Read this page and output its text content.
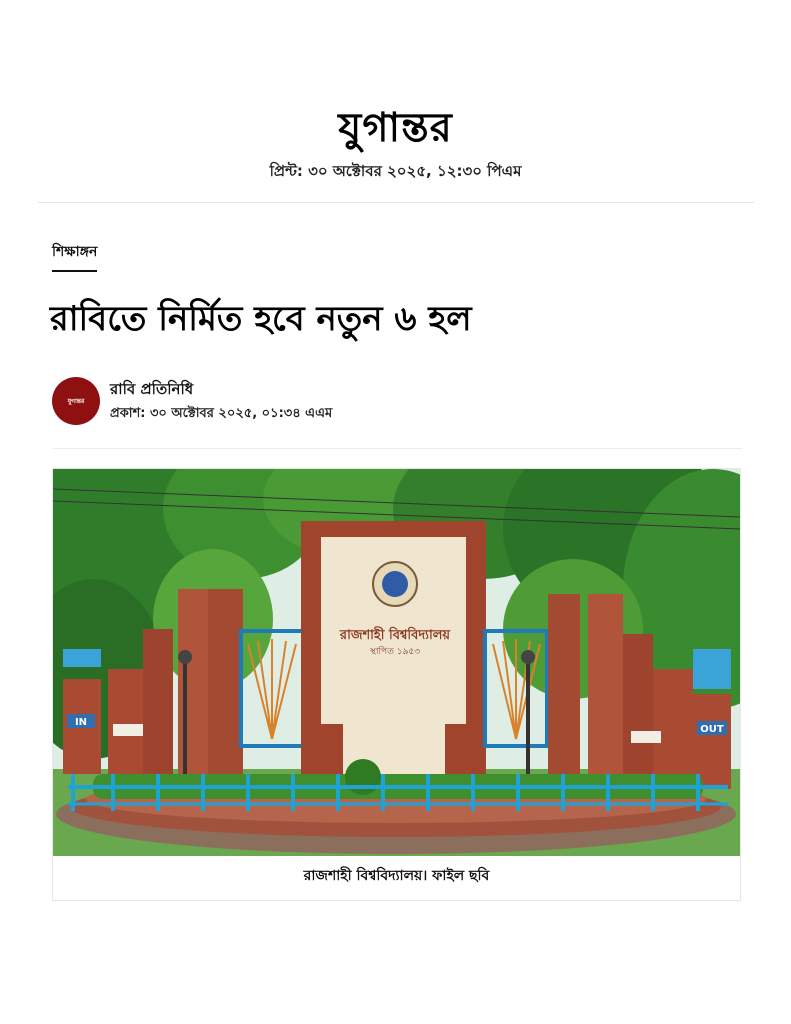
যুগান্তর
প্রিন্ট: ৩০ অক্টোবর ২০২৫, ১২:৩০ পিএম
শিক্ষাঙ্গন
রাবিতে নির্মিত হবে নতুন ৬ হল
যুগান্তর
রাবি প্রতিনিধি
প্রকাশ: ৩০ অক্টোবর ২০২৫, ০১:৩৪ এএম
রাজশাহী বিশ্ববিদ্যালয়
স্থাপিত ১৯৫৩
IN
OUT
রাজশাহী বিশ্ববিদ্যালয়। ফাইল ছবি
